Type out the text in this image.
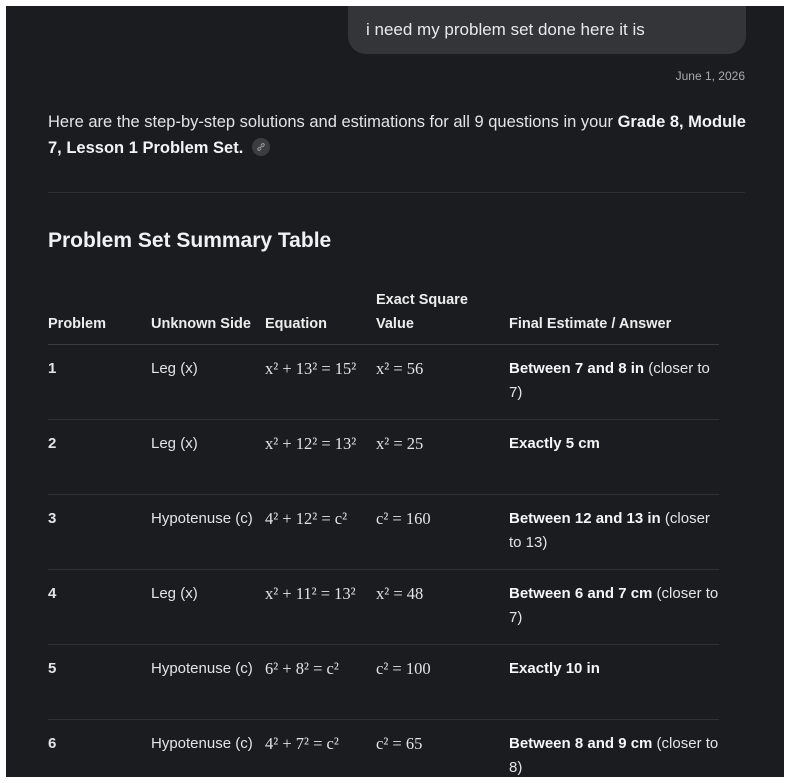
i need my problem set done here it is
June 1, 2026
Here are the step-by-step solutions and estimations for all 9 questions in your Grade 8, Module 7, Lesson 1 Problem Set.
Problem Set Summary Table
Problem	Unknown Side	Equation	Exact Square Value	Final Estimate / Answer
1	Leg (x)	x² + 13² = 15²	x² = 56	Between 7 and 8 in (closer to 7)
2	Leg (x)	x² + 12² = 13²	x² = 25	Exactly 5 cm
3	Hypotenuse (c)	4² + 12² = c²	c² = 160	Between 12 and 13 in (closer to 13)
4	Leg (x)	x² + 11² = 13²	x² = 48	Between 6 and 7 cm (closer to 7)
5	Hypotenuse (c)	6² + 8² = c²	c² = 100	Exactly 10 in
6	Hypotenuse (c)	4² + 7² = c²	c² = 65	Between 8 and 9 cm (closer to 8)
